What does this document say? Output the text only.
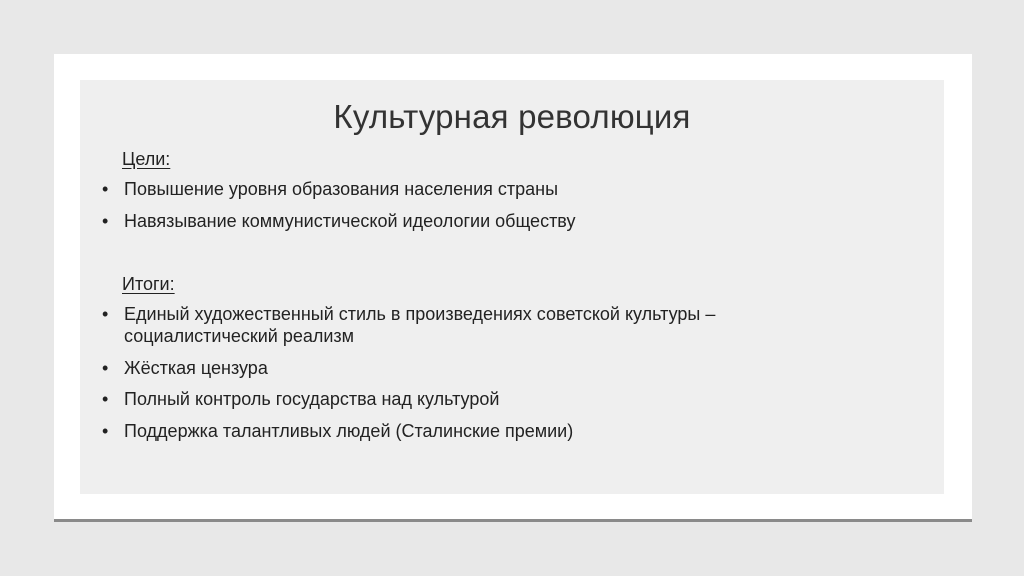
Культурная революция
Цели:
• Повышение уровня образования населения страны
• Навязывание коммунистической идеологии обществу
Итоги:
• Единый художественный стиль в произведениях советской культуры – социалистический реализм
• Жёсткая цензура
• Полный контроль государства над культурой
• Поддержка талантливых людей (Сталинские премии)
